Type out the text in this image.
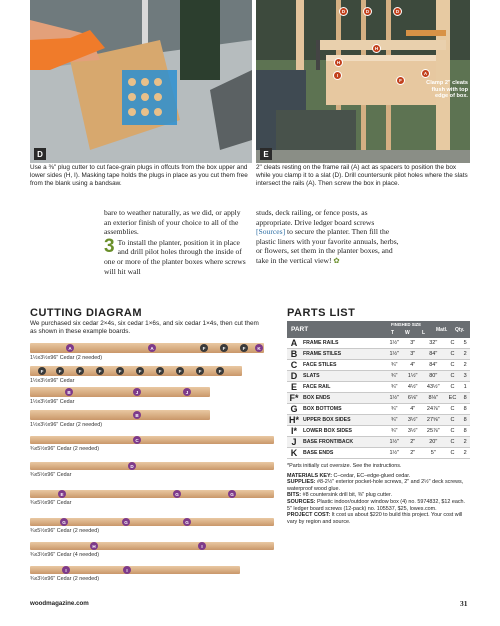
D
D	D	D
H
H
I
F
A
Clamp 2" cleats flush with top edge of box.
E
Use a ⅜" plug cutter to cut face-grain plugs in offcuts from the box upper and lower sides (H, I). Masking tape holds the plugs in place as you cut them free from the blank using a bandsaw.
2" cleats resting on the frame rail (A) act as spacers to position the box while you clamp it to a slat (D). Drill countersunk pilot holes where the slats intersect the rails (A). Then screw the box in place.
bare to weather naturally, as we did, or apply an exterior finish of your choice to all of the assemblies.
3 To install the planter, position it in place and drill pilot holes through the inside of one or more of the planter boxes where screws will hit wall
studs, deck railing, or fence posts, as appropriate. Drive ledger board screws [Sources] to secure the planter. Then fill the plastic liners with your favorite annuals, herbs, or flowers, set them in the planter boxes, and take in the vertical view! ✿
CUTTING DIAGRAM
We purchased six cedar 2×4s, six cedar 1×6s, and six cedar 1×4s, then cut them as shown in these example boards.
A	A	F	F	F	K
1½x3½x96" Cedar (2 needed)
F	F	F	F	F	F	F	F	F	F
1½x3½x96" Cedar
B	J	J
1½x3½x96" Cedar
B
1½x3½x96" Cedar (2 needed)
C
¾x5½x96" Cedar (2 needed)
D
¾x5½x96" Cedar
E	G	G
¾x5½x96" Cedar
G	G	G
¾x5½x96" Cedar (2 needed)
H	I
¾x3½x96" Cedar (4 needed)
I	I
¾x3½x96" Cedar (2 needed)
PARTS LIST
PART
FINISHED SIZE
T W L Matl. Qty.
A	FRAME RAILS	1½"	3"	32"	C	5
B	FRAME STILES	1½"	3"	84"	C	2
C	FACE STILES	¾"	4"	84"	C	2
D	SLATS	¾"	1½"	80"	C	3
E	FACE RAIL	¾"	4½"	43½"	C	1
F*	BOX ENDS	1½"	6⅛"	8⅛"	EC	8
G	BOX BOTTOMS	¾"	4"	24⅞"	C	8
H*	UPPER BOX SIDES	¾"	3½"	27⅝"	C	8
I*	LOWER BOX SIDES	¾"	3½"	25⅞"	C	8
J	BASE FRONT/BACK	1½"	2"	20"	C	2
K	BASE ENDS	1½"	2"	5"	C	2
*Parts initially cut oversize. See the instructions.
MATERIALS KEY: C–cedar, EC–edge-glued cedar.
SUPPLIES: #8-2½" exterior pocket-hole screws, 2" and 2½" deck screws, waterproof wood glue.
BITS: #8 countersink drill bit, ⅜" plug cutter.
SOURCES: Plastic indoor/outdoor window box (4) no. 5974832, $12 each. 5" ledger board screws (12-pack) no. 105537, $25, lowes.com.
PROJECT COST: It cost us about $220 to build this project. Your cost will vary by region and source.
woodmagazine.com	31
